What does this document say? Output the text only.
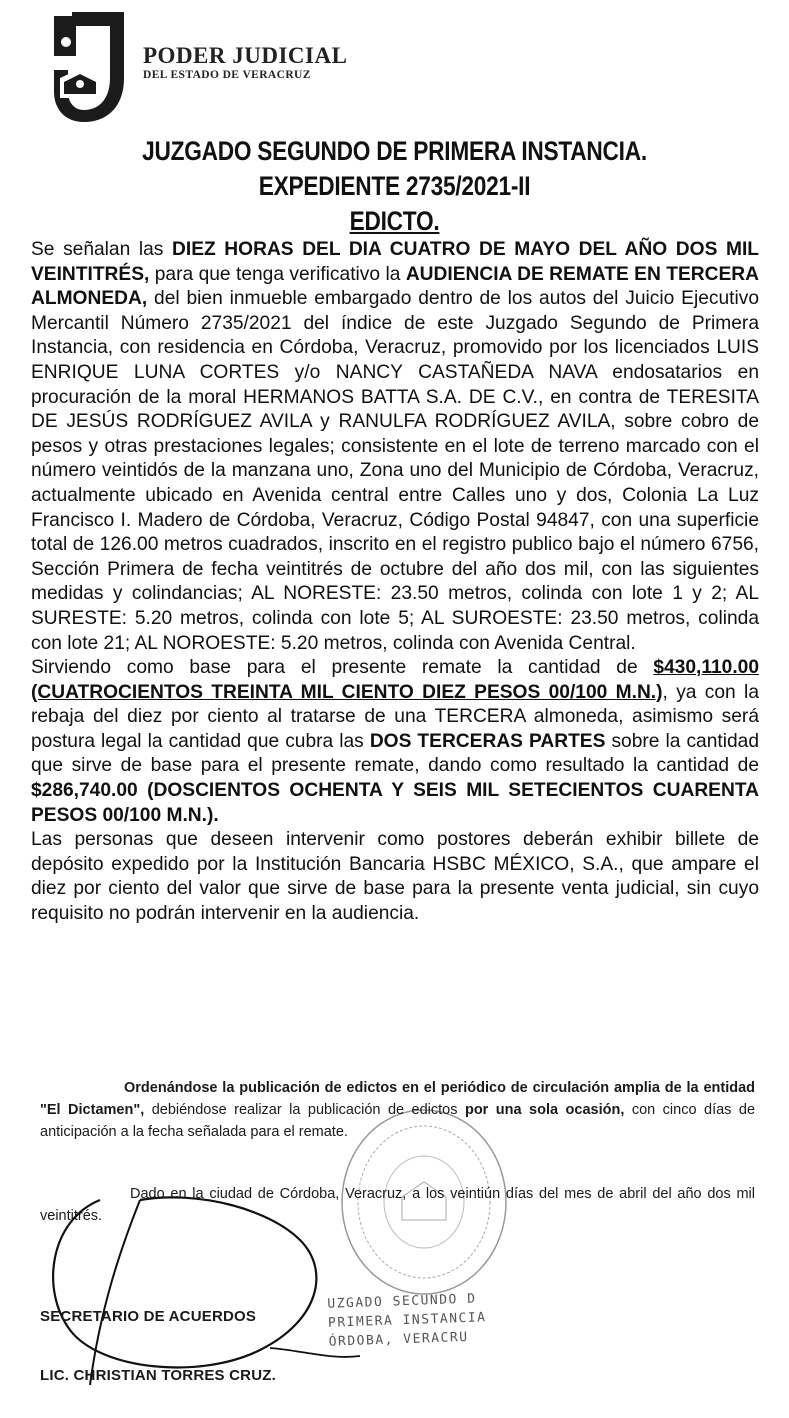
PODER JUDICIAL
DEL ESTADO DE VERACRUZ
JUZGADO SEGUNDO DE PRIMERA INSTANCIA.
EXPEDIENTE 2735/2021-II
EDICTO.

Se señalan las DIEZ HORAS DEL DIA CUATRO DE MAYO DEL AÑO DOS MIL VEINTITRÉS, para que tenga verificativo la AUDIENCIA DE REMATE EN TERCERA ALMONEDA, del bien inmueble embargado dentro de los autos del Juicio Ejecutivo Mercantil Número 2735/2021 del índice de este Juzgado Segundo de Primera Instancia, con residencia en Córdoba, Veracruz, promovido por los licenciados LUIS ENRIQUE LUNA CORTES y/o NANCY CASTAÑEDA NAVA endosatarios en procuración de la moral HERMANOS BATTA S.A. DE C.V., en contra de TERESITA DE JESÚS RODRÍGUEZ AVILA y RANULFA RODRÍGUEZ AVILA, sobre cobro de pesos y otras prestaciones legales; consistente en el lote de terreno marcado con el número veintidós de la manzana uno, Zona uno del Municipio de Córdoba, Veracruz, actualmente ubicado en Avenida central entre Calles uno y dos, Colonia La Luz Francisco I. Madero de Córdoba, Veracruz, Código Postal 94847, con una superficie total de 126.00 metros cuadrados, inscrito en el registro publico bajo el número 6756, Sección Primera de fecha veintitrés de octubre del año dos mil, con las siguientes medidas y colindancias; AL NORESTE: 23.50 metros, colinda con lote 1 y 2; AL SURESTE: 5.20 metros, colinda con lote 5; AL SUROESTE: 23.50 metros, colinda con lote 21; AL NOROESTE: 5.20 metros, colinda con Avenida Central.

Sirviendo como base para el presente remate la cantidad de $430,110.00 (CUATROCIENTOS TREINTA MIL CIENTO DIEZ PESOS 00/100 M.N.), ya con la rebaja del diez por ciento al tratarse de una TERCERA almoneda, asimismo será postura legal la cantidad que cubra las DOS TERCERAS PARTES sobre la cantidad que sirve de base para el presente remate, dando como resultado la cantidad de $286,740.00 (DOSCIENTOS OCHENTA Y SEIS MIL SETECIENTOS CUARENTA PESOS 00/100 M.N.).

Las personas que deseen intervenir como postores deberán exhibir billete de depósito expedido por la Institución Bancaria HSBC MÉXICO, S.A., que ampare el diez por ciento del valor que sirve de base para la presente venta judicial, sin cuyo requisito no podrán intervenir en la audiencia.

Ordenándose la publicación de edictos en el periódico de circulación amplia de la entidad "El Dictamen", debiéndose realizar la publicación de edictos por una sola ocasión, con cinco días de anticipación a la fecha señalada para el remate.
Dado en la ciudad de Córdoba, Veracruz, a los veintiún días del mes de abril del año dos mil veintitrés.
SECRETARIO DE ACUERDOS
LIC. CHRISTIAN TORRES CRUZ.
UZGADO SECUNDO D
PRIMERA INSTANCIA
ÓRDOBA, VERACRU
